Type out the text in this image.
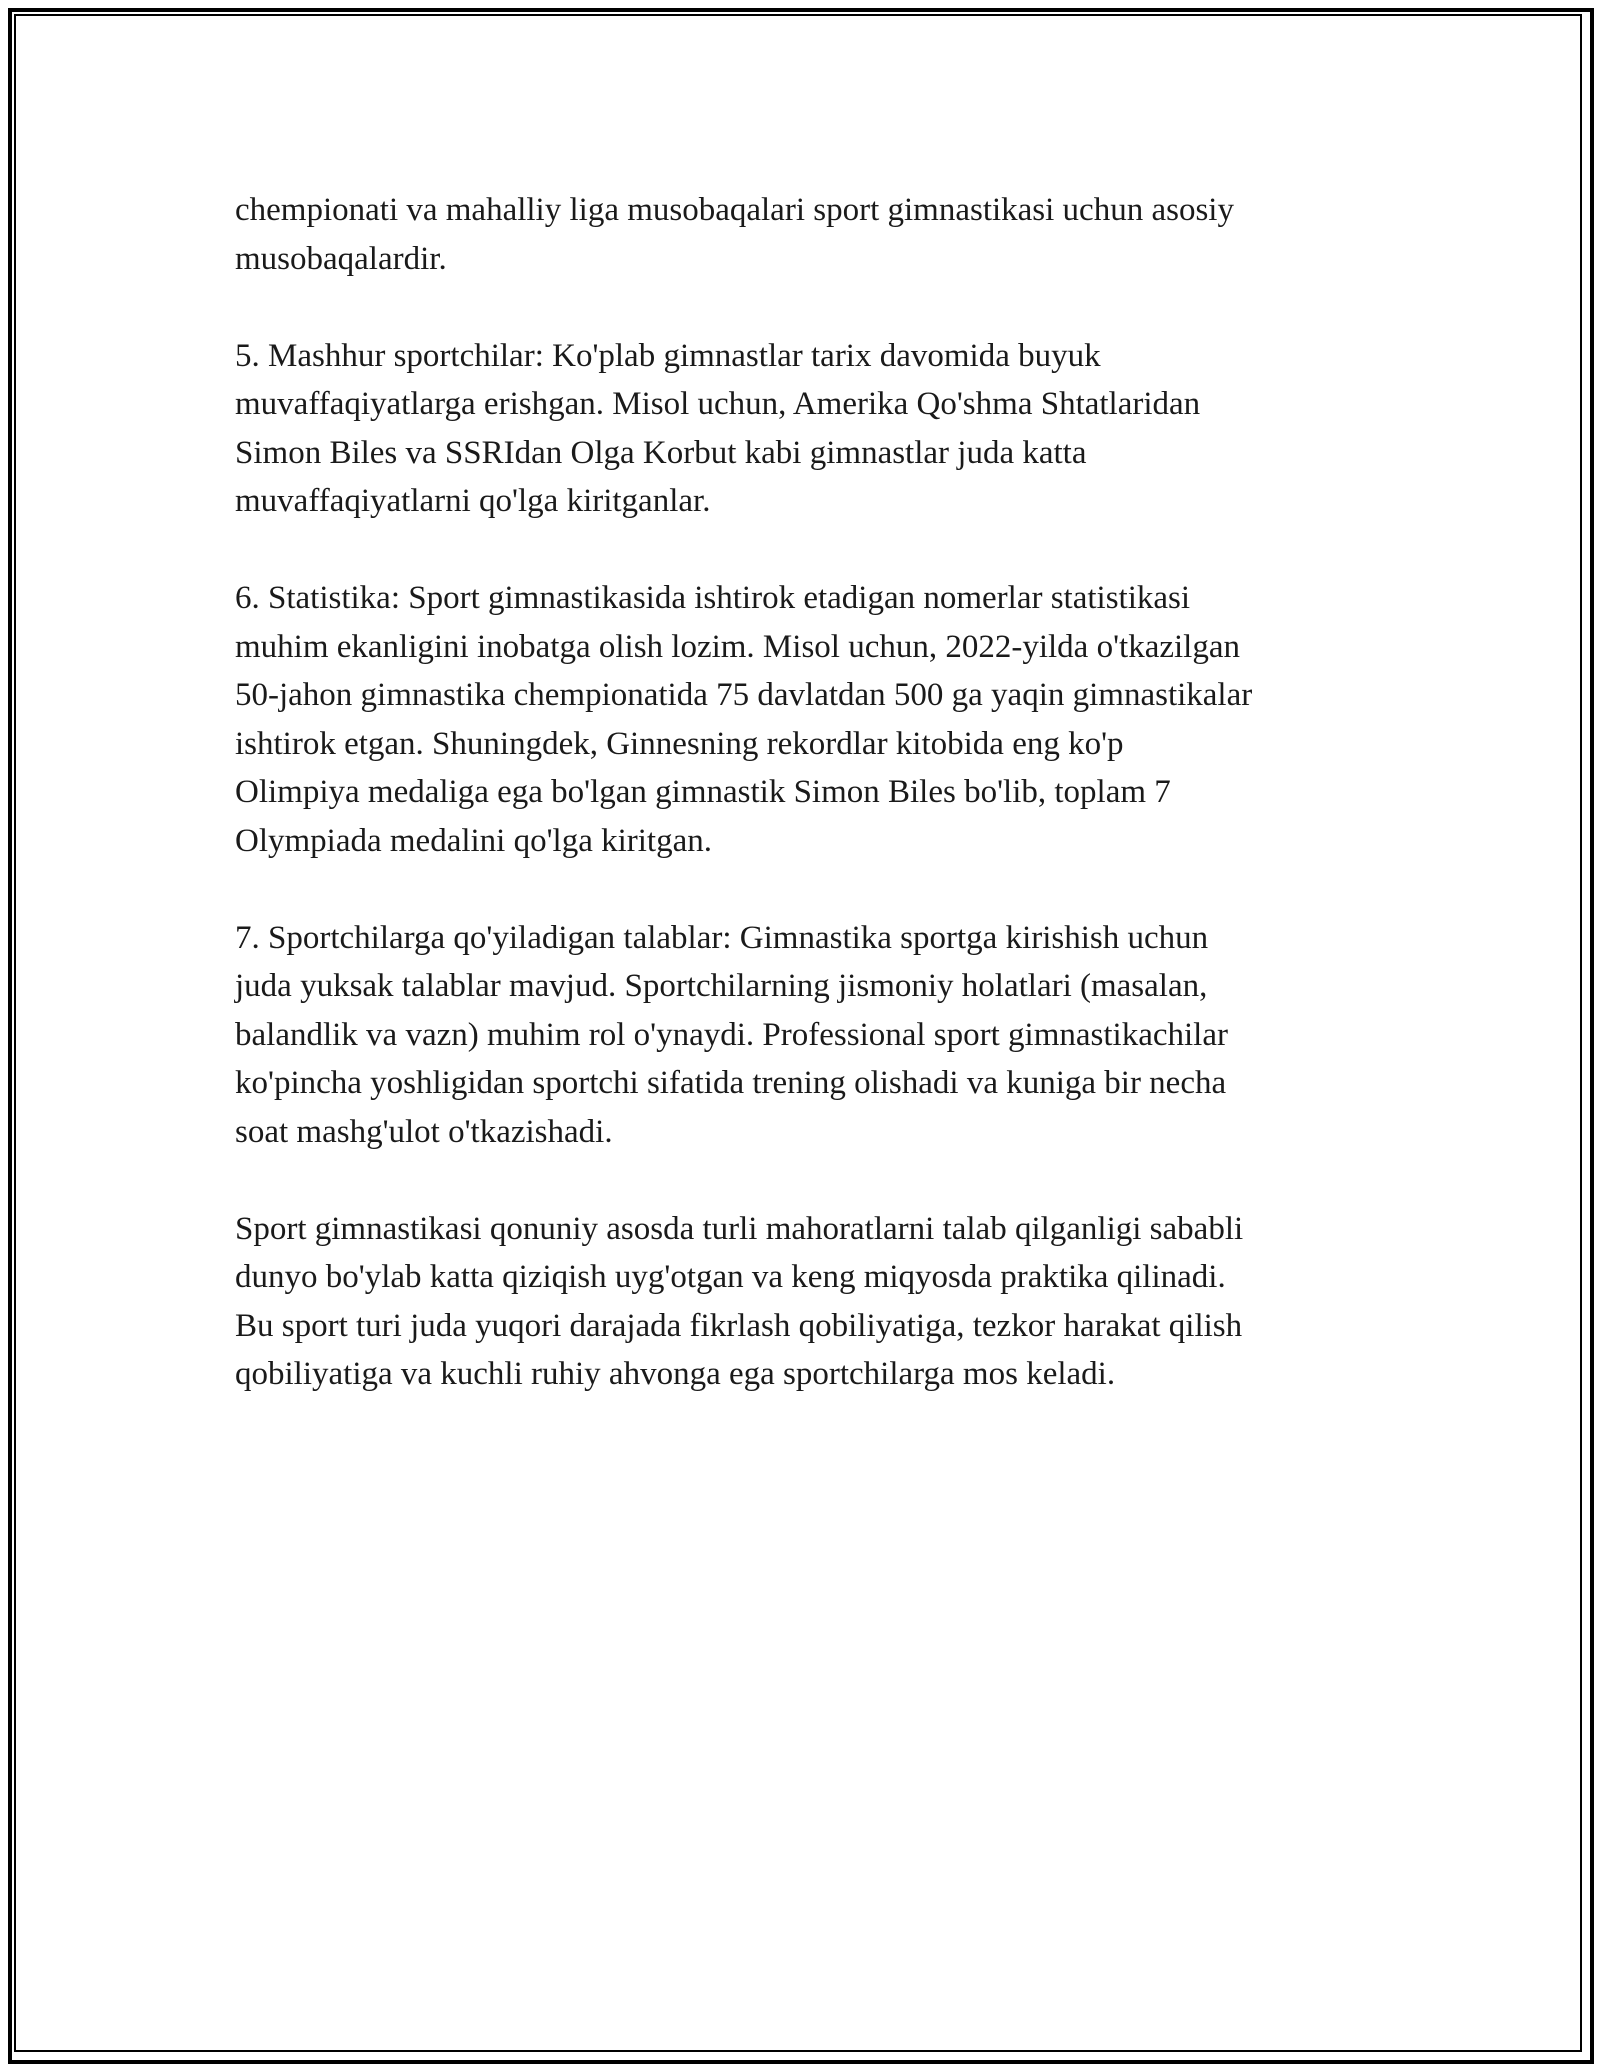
chempionati va mahalliy liga musobaqalari sport gimnastikasi uchun asosiy
musobaqalardir.

5. Mashhur sportchilar: Ko'plab gimnastlar tarix davomida buyuk
muvaffaqiyatlarga erishgan. Misol uchun, Amerika Qo'shma Shtatlaridan
Simon Biles va SSRIdan Olga Korbut kabi gimnastlar juda katta
muvaffaqiyatlarni qo'lga kiritganlar.

6. Statistika: Sport gimnastikasida ishtirok etadigan nomerlar statistikasi
muhim ekanligini inobatga olish lozim. Misol uchun, 2022-yilda o'tkazilgan
50-jahon gimnastika chempionatida 75 davlatdan 500 ga yaqin gimnastikalar
ishtirok etgan. Shuningdek, Ginnesning rekordlar kitobida eng ko'p
Olimpiya medaliga ega bo'lgan gimnastik Simon Biles bo'lib, toplam 7
Olympiada medalini qo'lga kiritgan.

7. Sportchilarga qo'yiladigan talablar: Gimnastika sportga kirishish uchun
juda yuksak talablar mavjud. Sportchilarning jismoniy holatlari (masalan,
balandlik va vazn) muhim rol o'ynaydi. Professional sport gimnastikachilar
ko'pincha yoshligidan sportchi sifatida trening olishadi va kuniga bir necha
soat mashg'ulot o'tkazishadi.

Sport gimnastikasi qonuniy asosda turli mahoratlarni talab qilganligi sababli
dunyo bo'ylab katta qiziqish uyg'otgan va keng miqyosda praktika qilinadi.
Bu sport turi juda yuqori darajada fikrlash qobiliyatiga, tezkor harakat qilish
qobiliyatiga va kuchli ruhiy ahvonga ega sportchilarga mos keladi.
